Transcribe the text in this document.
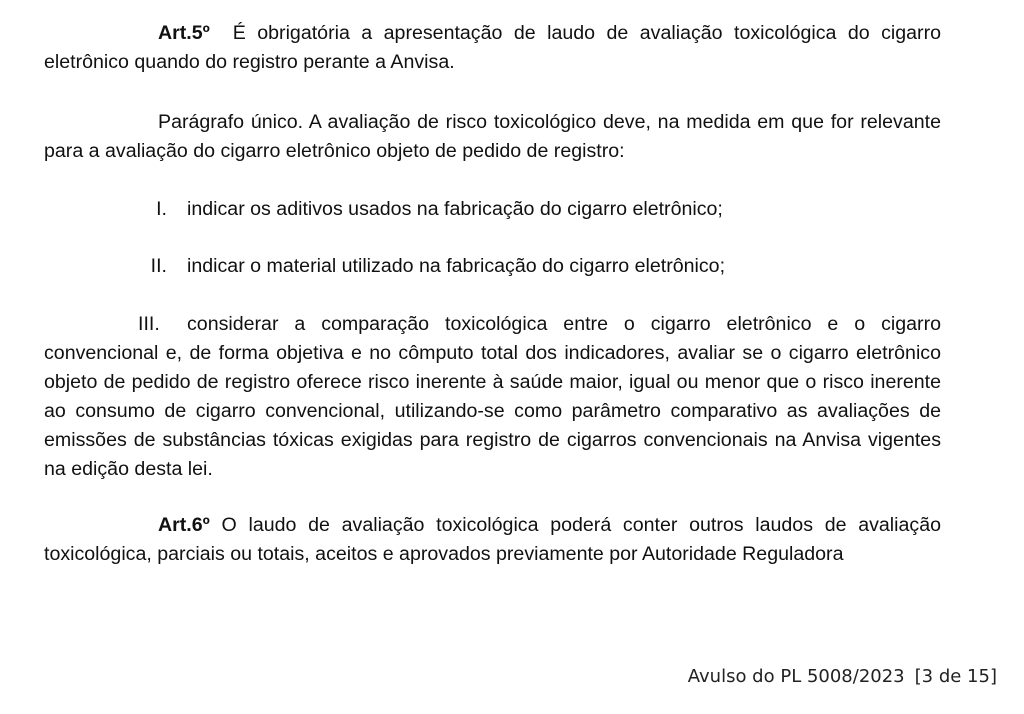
Art.5º É obrigatória a apresentação de laudo de avaliação toxicológica do cigarro eletrônico quando do registro perante a Anvisa.

Parágrafo único. A avaliação de risco toxicológico deve, na medida em que for relevante para a avaliação do cigarro eletrônico objeto de pedido de registro:

I. indicar os aditivos usados na fabricação do cigarro eletrônico;
II. indicar o material utilizado na fabricação do cigarro eletrônico;

III. considerar a comparação toxicológica entre o cigarro eletrônico e o cigarro convencional e, de forma objetiva e no cômputo total dos indicadores, avaliar se o cigarro eletrônico objeto de pedido de registro oferece risco inerente à saúde maior, igual ou menor que o risco inerente ao consumo de cigarro convencional, utilizando-se como parâmetro comparativo as avaliações de emissões de substâncias tóxicas exigidas para registro de cigarros convencionais na Anvisa vigentes na edição desta lei.

Art.6º O laudo de avaliação toxicológica poderá conter outros laudos de avaliação toxicológica, parciais ou totais, aceitos e aprovados previamente por Autoridade Reguladora

Avulso do PL 5008/2023 [3 de 15]
